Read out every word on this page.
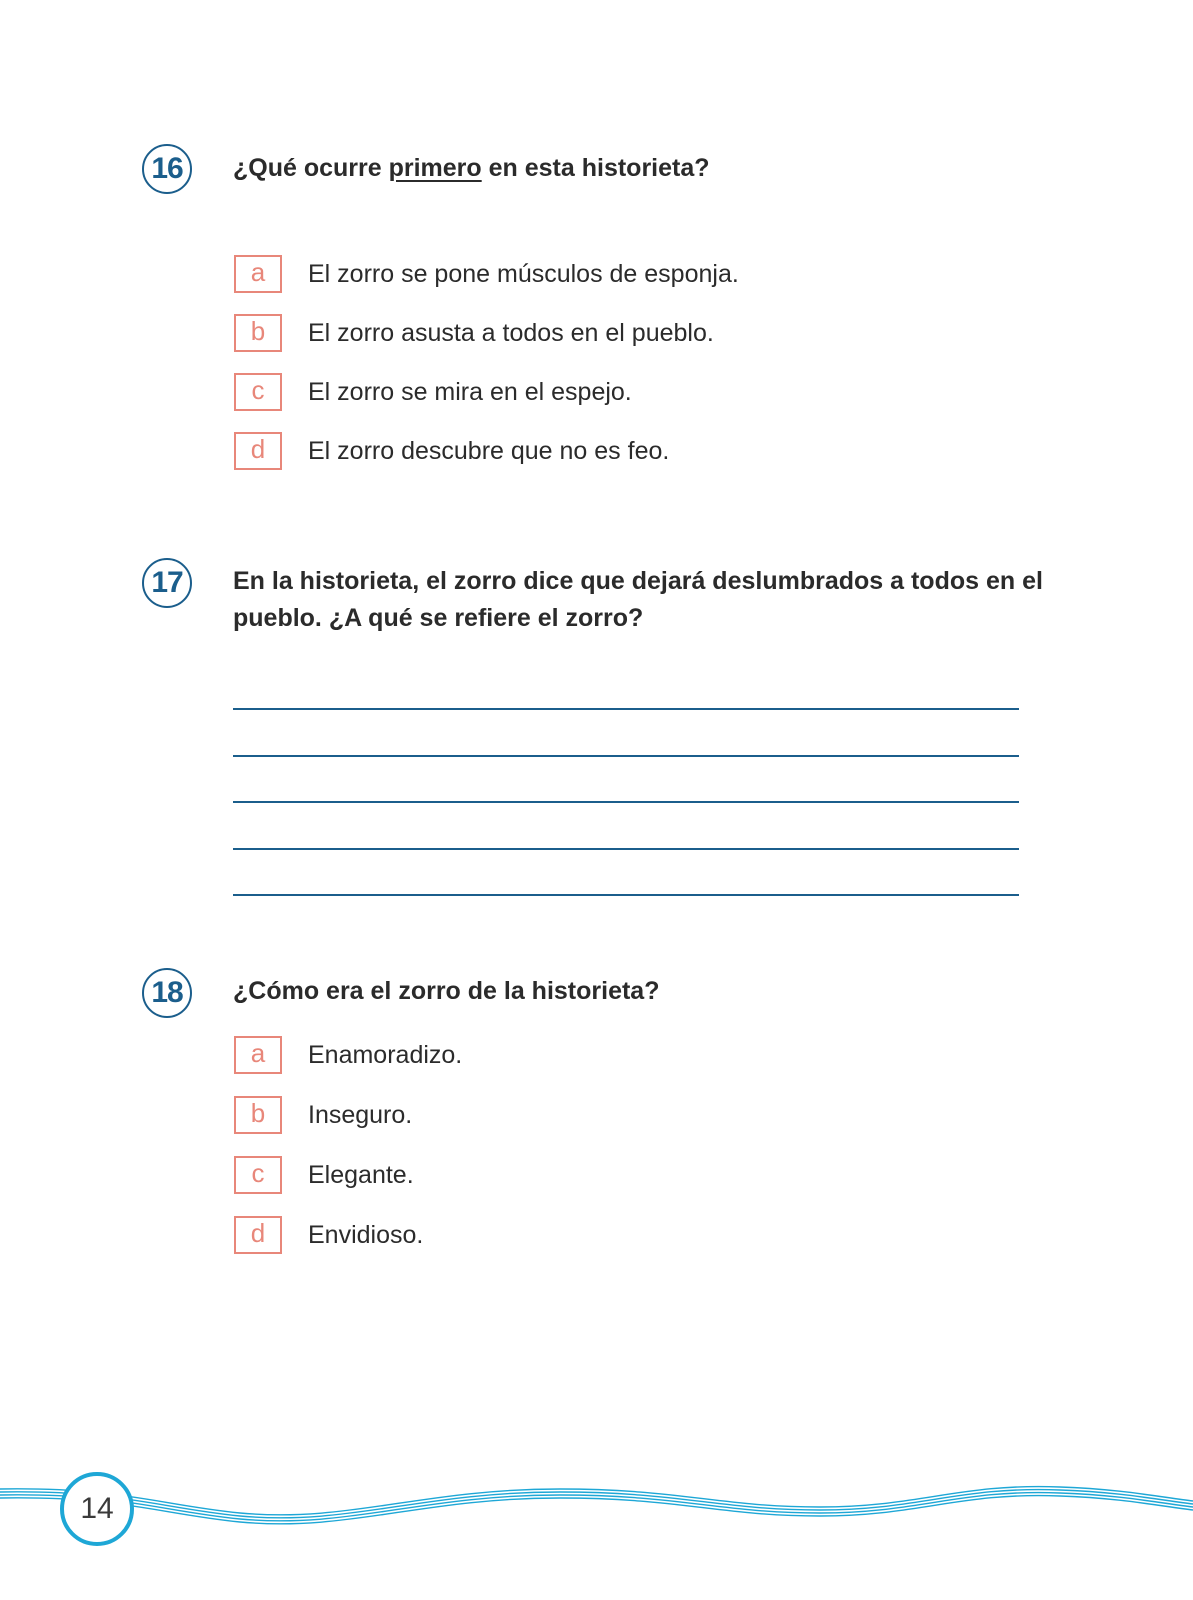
16	¿Qué ocurre primero en esta historieta?
a	El zorro se pone músculos de esponja.
b	El zorro asusta a todos en el pueblo.
c	El zorro se mira en el espejo.
d	El zorro descubre que no es feo.
17	En la historieta, el zorro dice que dejará deslumbrados a todos en el pueblo. ¿A qué se refiere el zorro?
18	¿Cómo era el zorro de la historieta?
a	Enamoradizo.
b	Inseguro.
c	Elegante.
d	Envidioso.
14
